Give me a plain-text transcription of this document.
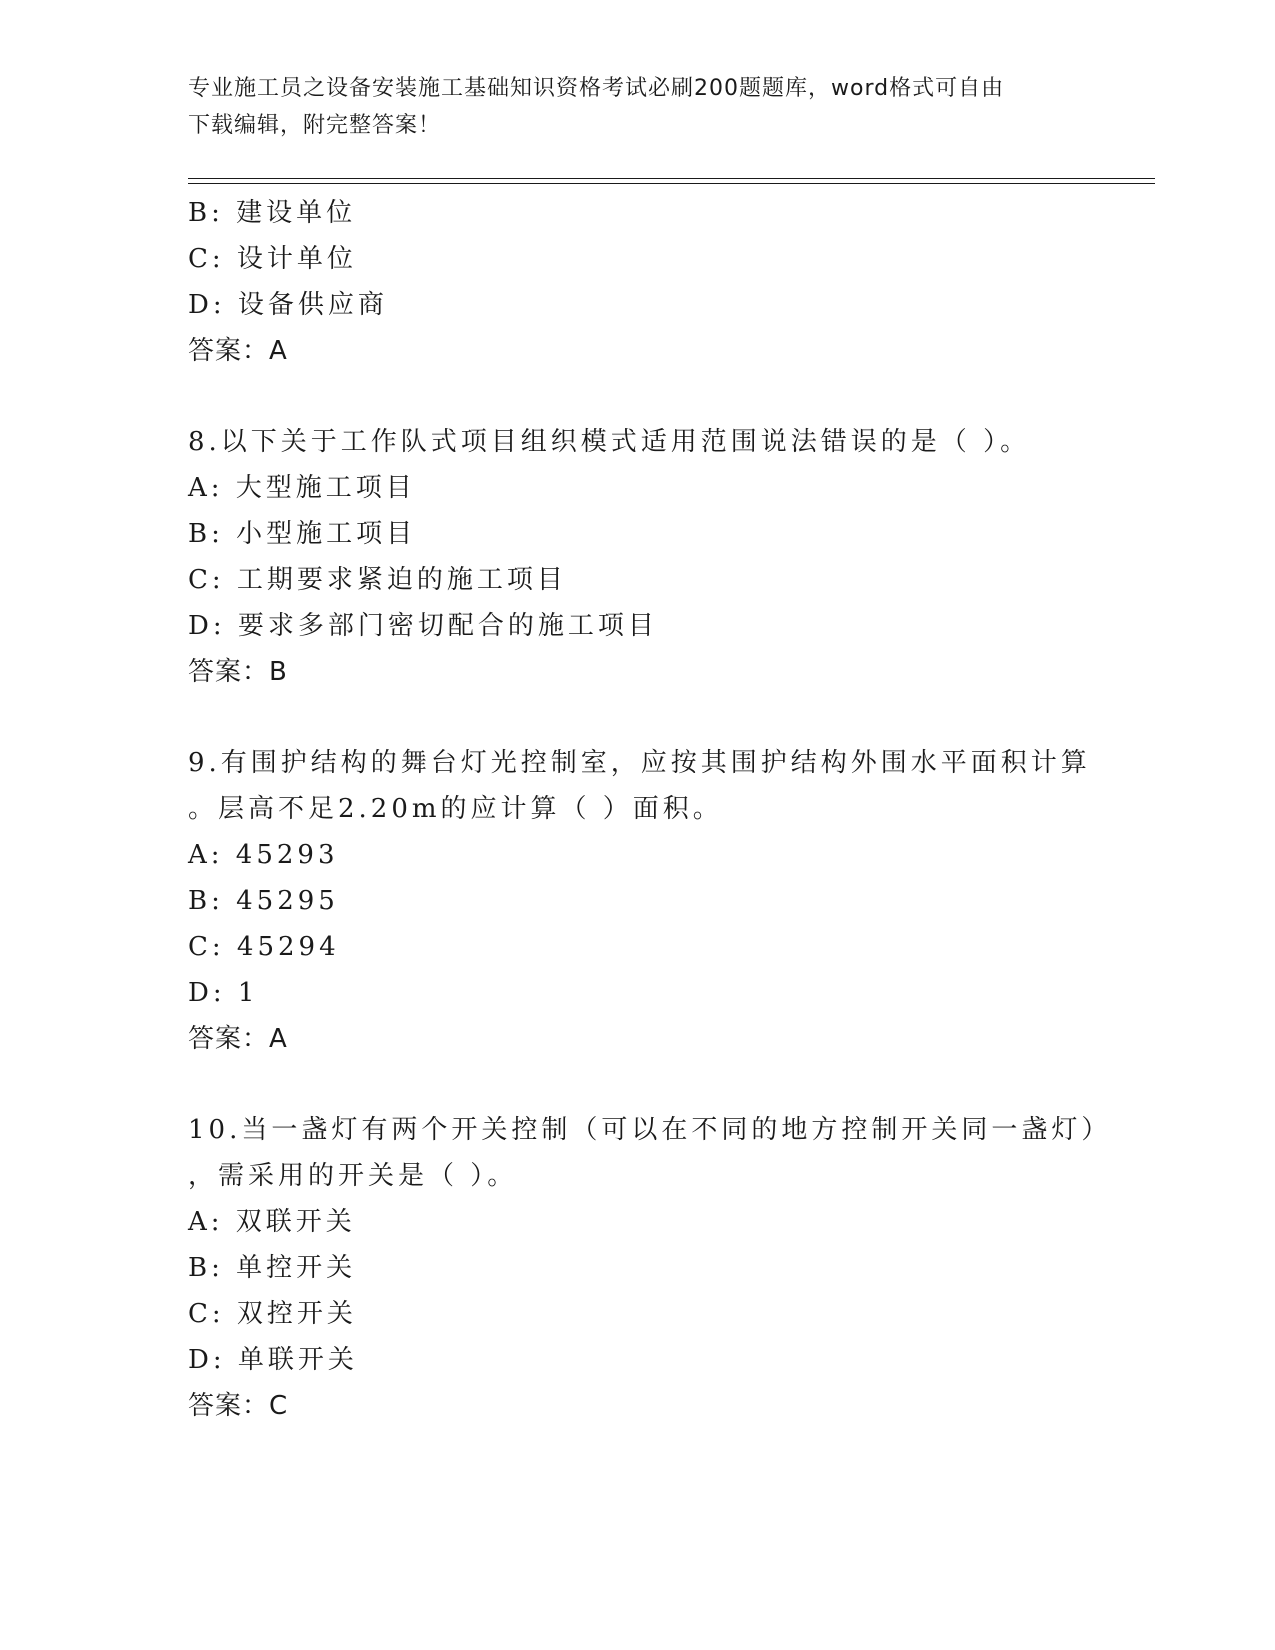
专业施工员之设备安装施工基础知识资格考试必刷200题题库，word格式可自由
下载编辑，附完整答案！
B: 建设单位
C: 设计单位
D: 设备供应商
答案：A
8.以下关于工作队式项目组织模式适用范围说法错误的是（ ）。
A: 大型施工项目
B: 小型施工项目
C: 工期要求紧迫的施工项目
D: 要求多部门密切配合的施工项目
答案：B
9.有围护结构的舞台灯光控制室，应按其围护结构外围水平面积计算
。层高不足2.20m的应计算（ ）面积。
A: 45293
B: 45295
C: 45294
D: 1
答案：A
10.当一盏灯有两个开关控制（可以在不同的地方控制开关同一盏灯）
，需采用的开关是（ ）。
A: 双联开关
B: 单控开关
C: 双控开关
D: 单联开关
答案：C
